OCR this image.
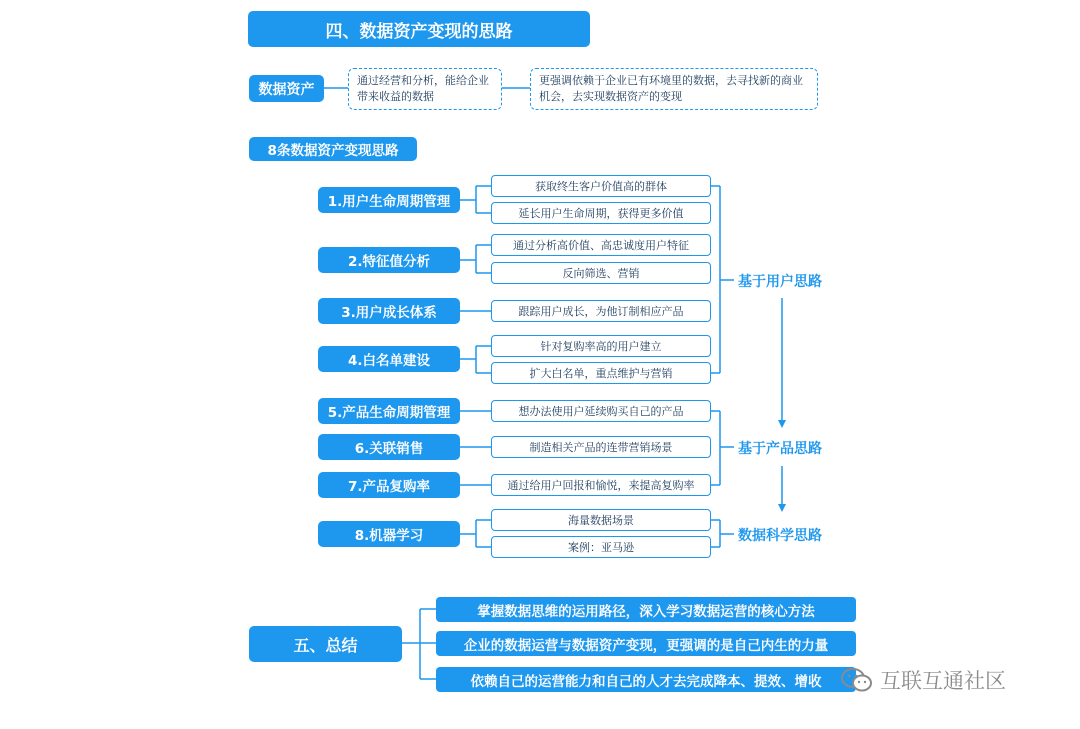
四、数据资产变现的思路
数据资产
通过经营和分析，能给企业带来收益的数据
更强调依赖于企业已有环境里的数据，去寻找新的商业机会，去实现数据资产的变现
8条数据资产变现思路
1.用户生命周期管理
获取终生客户价值高的群体
延长用户生命周期，获得更多价值
2.特征值分析
通过分析高价值、高忠诚度用户特征
反向筛选、营销
3.用户成长体系	跟踪用户成长，为他订制相应产品
4.白名单建设
针对复购率高的用户建立
扩大白名单，重点维护与营销
5.产品生命周期管理	想办法使用户延续购买自己的产品
6.关联销售	制造相关产品的连带营销场景
7.产品复购率	通过给用户回报和愉悦，来提高复购率
8.机器学习
海量数据场景
案例：亚马逊
基于用户思路
基于产品思路
数据科学思路
五、总结
掌握数据思维的运用路径，深入学习数据运营的核心方法
企业的数据运营与数据资产变现，更强调的是自己内生的力量
依赖自己的运营能力和自己的人才去完成降本、提效、增收	互联互通社区
